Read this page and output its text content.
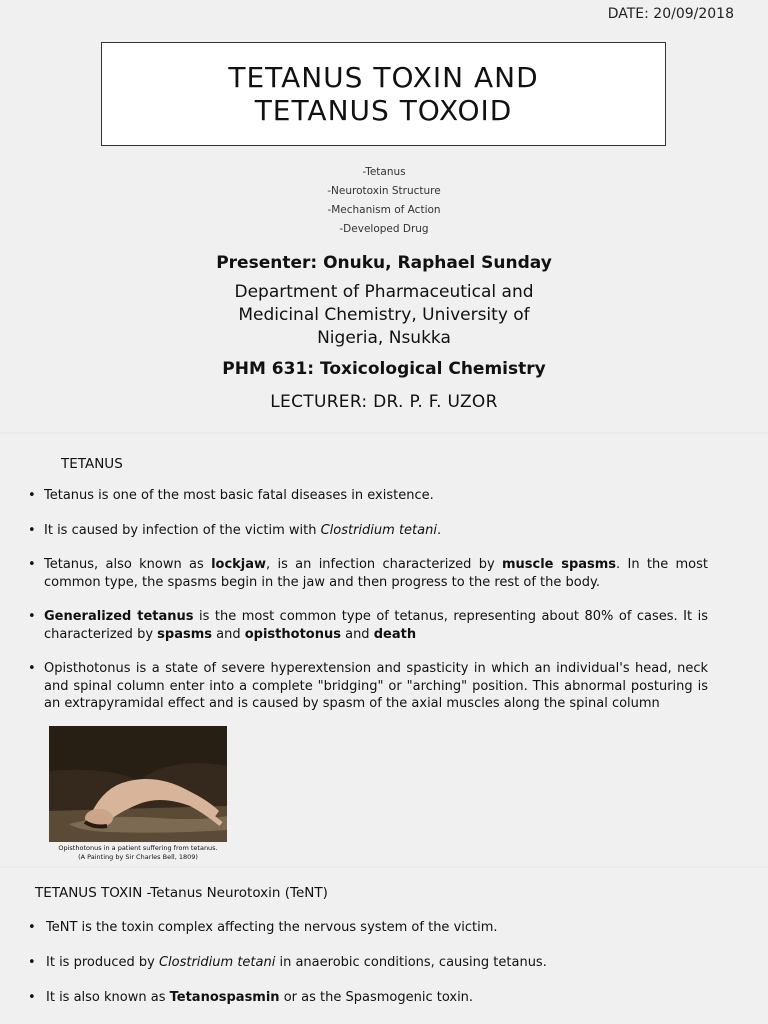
DATE: 20/09/2018
TETANUS TOXIN AND
TETANUS TOXOID
-Tetanus
-Neurotoxin Structure
-Mechanism of Action
-Developed Drug
Presenter: Onuku, Raphael Sunday
Department of Pharmaceutical and
Medicinal Chemistry, University of
Nigeria, Nsukka
PHM 631: Toxicological Chemistry
LECTURER: DR. P. F. UZOR
TETANUS
• Tetanus is one of the most basic fatal diseases in existence.
• It is caused by infection of the victim with Clostridium tetani.
• Tetanus, also known as lockjaw, is an infection characterized by muscle spasms. In the most common type, the spasms begin in the jaw and then progress to the rest of the body.
• Generalized tetanus is the most common type of tetanus, representing about 80% of cases. It is characterized by spasms and opisthotonus and death
• Opisthotonus is a state of severe hyperextension and spasticity in which an individual's head, neck and spinal column enter into a complete "bridging" or "arching" position. This abnormal posturing is an extrapyramidal effect and is caused by spasm of the axial muscles along the spinal column
Opisthotonus in a patient suffering from tetanus.
(A Painting by Sir Charles Bell, 1809)
TETANUS TOXIN -Tetanus Neurotoxin (TeNT)
• TeNT is the toxin complex affecting the nervous system of the victim.
• It is produced by Clostridium tetani in anaerobic conditions, causing tetanus.
• It is also known as Tetanospasmin or as the Spasmogenic toxin.
